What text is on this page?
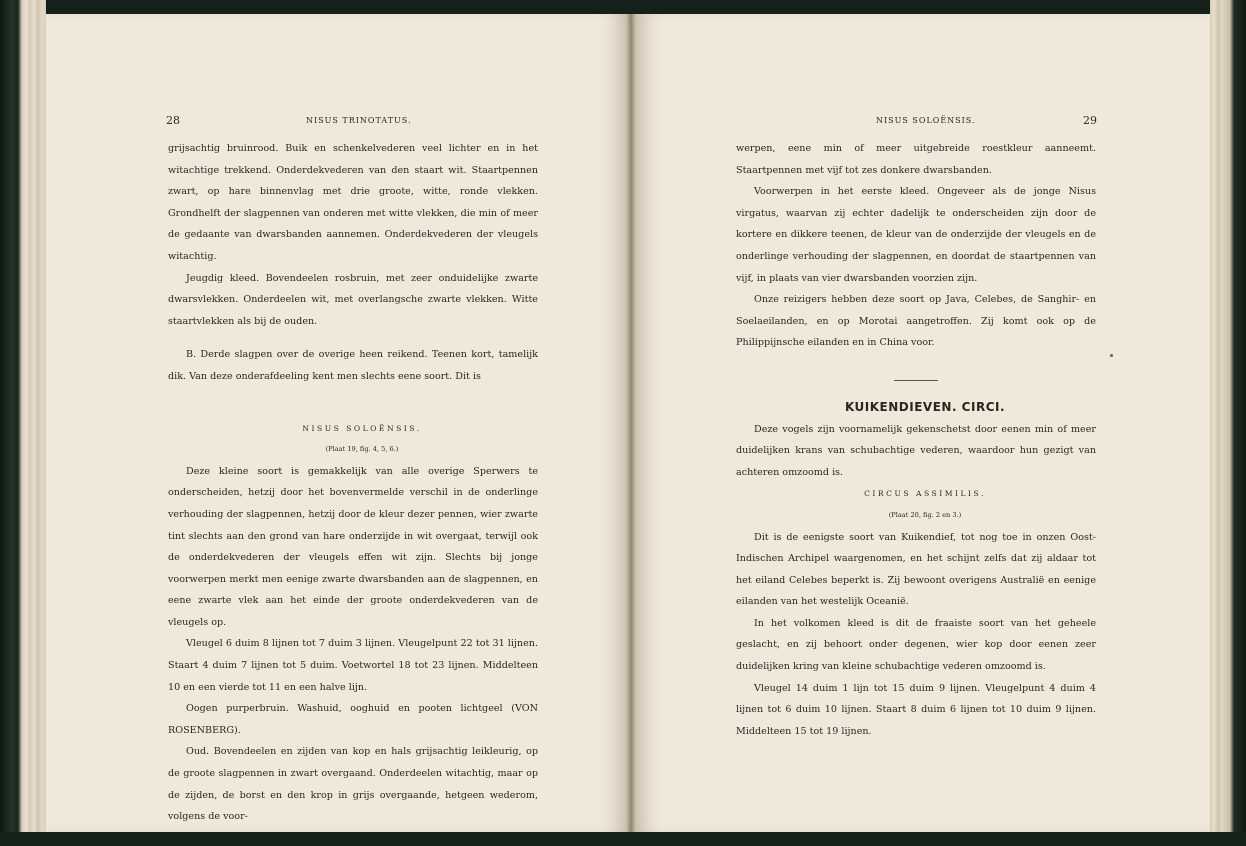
28	NISUS TRINOTATUS.

grijsachtig bruinrood. Buik en schenkelvederen veel lichter en in het witachtige trekkend. Onderdekvederen van den staart wit. Staartpennen zwart, op hare binnenvlag met drie groote, witte, ronde vlekken. Grondhelft der slagpennen van onderen met witte vlekken, die min of meer de gedaante van dwarsbanden aannemen. Onderdekvederen der vleugels witachtig.

Jeugdig kleed. Bovendeelen rosbruin, met zeer onduidelijke zwarte dwarsvlekken. Onderdeelen wit, met overlangsche zwarte vlekken. Witte staartvlekken als bij de ouden.

B. Derde slagpen over de overige heen reikend. Teenen kort, tamelijk dik. Van deze onderafdeeling kent men slechts eene soort. Dit is

NISUS SOLOËNSIS.

(Plaat 19, fig. 4, 5, 6.)

Deze kleine soort is gemakkelijk van alle overige Sperwers te onderscheiden, hetzij door het bovenvermelde verschil in de onderlinge verhouding der slagpennen, hetzij door de kleur dezer pennen, wier zwarte tint slechts aan den grond van hare onderzijde in wit overgaat, terwijl ook de onderdekvederen der vleugels effen wit zijn. Slechts bij jonge voorwerpen merkt men eenige zwarte dwarsbanden aan de slagpennen, en eene zwarte vlek aan het einde der groote onderdekvederen van de vleugels op.

Vleugel 6 duim 8 lijnen tot 7 duim 3 lijnen. Vleugelpunt 22 tot 31 lijnen. Staart 4 duim 7 lijnen tot 5 duim. Voetwortel 18 tot 23 lijnen. Middelteen 10 en een vierde tot 11 en een halve lijn.

Oogen purperbruin. Washuid, ooghuid en pooten lichtgeel (VON ROSENBERG).

Oud. Bovendeelen en zijden van kop en hals grijsachtig leikleurig, op de groote slagpennen in zwart overgaand. Onderdeelen witachtig, maar op de zijden, de borst en den krop in grijs overgaande, hetgeen wederom, volgens de voor-

NISUS SOLOËNSIS.	29

werpen, eene min of meer uitgebreide roestkleur aanneemt. Staartpennen met vijf tot zes donkere dwarsbanden.

Voorwerpen in het eerste kleed. Ongeveer als de jonge Nisus virgatus, waarvan zij echter dadelijk te onderscheiden zijn door de kortere en dikkere teenen, de kleur van de onderzijde der vleugels en de onderlinge verhouding der slagpennen, en doordat de staartpennen van vijf, in plaats van vier dwarsbanden voorzien zijn.

Onze reizigers hebben deze soort op Java, Celebes, de Sanghir- en Soelaeilanden, en op Morotai aangetroffen. Zij komt ook op de Philippijnsche eilanden en in China voor.

KUIKENDIEVEN. CIRCI.

Deze vogels zijn voornamelijk gekenschetst door eenen min of meer duidelijken krans van schubachtige vederen, waardoor hun gezigt van achteren omzoomd is.

CIRCUS ASSIMILIS.

(Plaat 20, fig. 2 en 3.)

Dit is de eenigste soort van Kuikendief, tot nog toe in onzen Oost-Indischen Archipel waargenomen, en het schijnt zelfs dat zij aldaar tot het eiland Celebes beperkt is. Zij bewoont overigens Australië en eenige eilanden van het westelijk Oceanië.

In het volkomen kleed is dit de fraaiste soort van het geheele geslacht, en zij behoort onder degenen, wier kop door eenen zeer duidelijken kring van kleine schubachtige vederen omzoomd is.

Vleugel 14 duim 1 lijn tot 15 duim 9 lijnen. Vleugelpunt 4 duim 4 lijnen tot 6 duim 10 lijnen. Staart 8 duim 6 lijnen tot 10 duim 9 lijnen. Middelteen 15 tot 19 lijnen.
